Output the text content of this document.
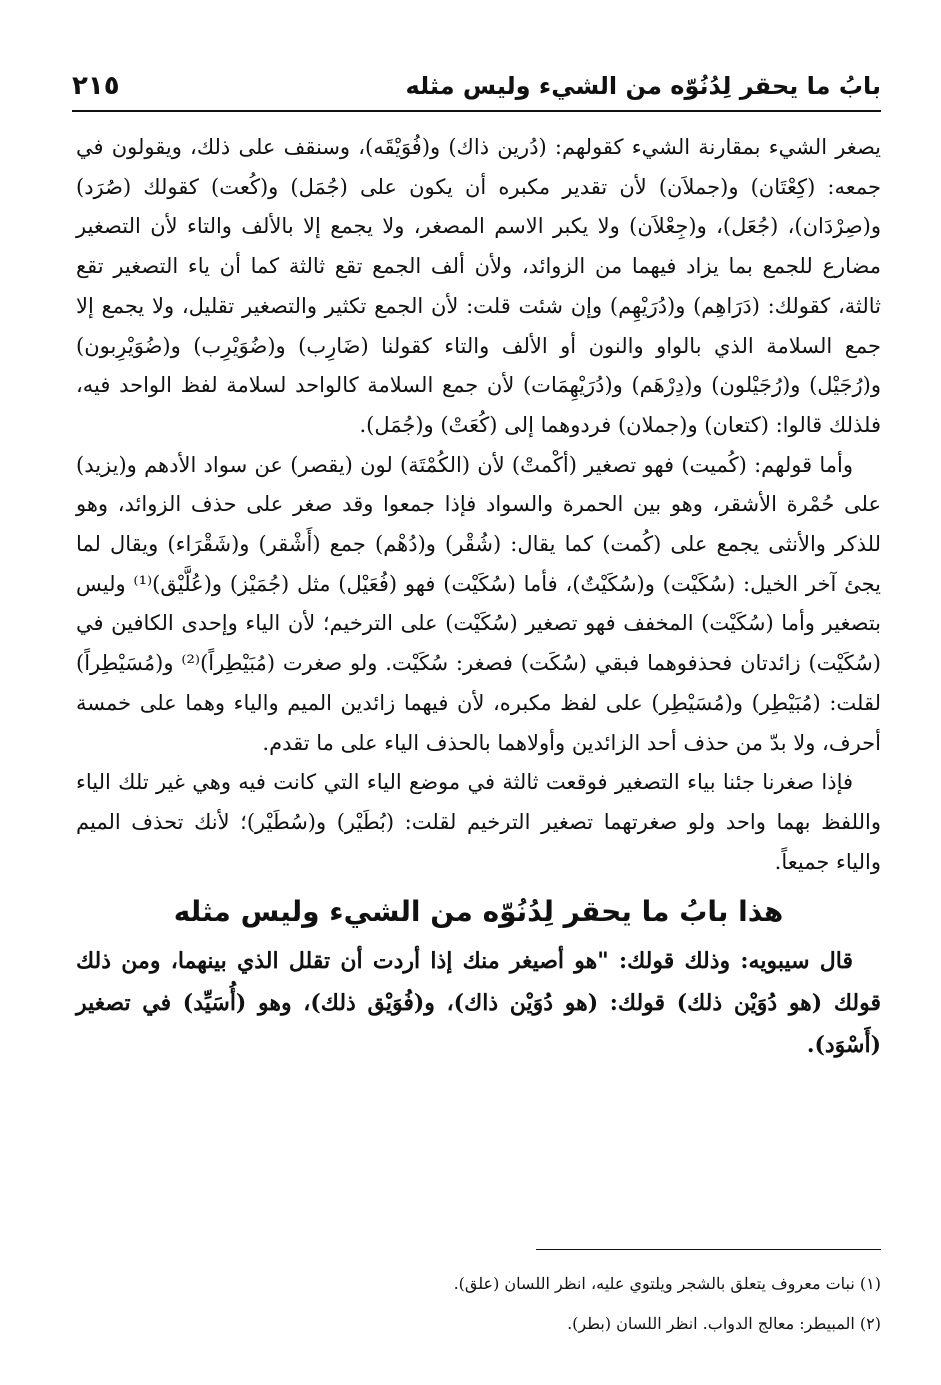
بابُ ما يحقر لِدُنُوّه من الشيء وليس مثله
٢١٥

يصغر الشيء بمقارنة الشيء كقولهم: (دُرين ذاك) و(فُوَيْقَه)، وسنقف على ذلك، ويقولون في جمعه: (كِعْتَان) و(جملاَن) لأن تقدير مكبره أن يكون على (جُمَل) و(كُعت) كقولك (صُرَد) و(صِرْدَان)، (جُعَل)، و(جِعْلاَن) ولا يكبر الاسم المصغر، ولا يجمع إلا بالألف والتاء لأن التصغير مضارع للجمع بما يزاد فيهما من الزوائد، ولأن ألف الجمع تقع ثالثة كما أن ياء التصغير تقع ثالثة، كقولك: (دَرَاهِم) و(دُرَيْهِم) وإن شئت قلت: لأن الجمع تكثير والتصغير تقليل، ولا يجمع إلا جمع السلامة الذي بالواو والنون أو الألف والتاء كقولنا (ضَارِب) و(ضُوَيْرِب) و(ضُوَيْرِبون) و(رُجَيْل) و(رُجَيْلون) و(دِرْهَم) و(دُرَيْهِمَات) لأن جمع السلامة كالواحد لسلامة لفظ الواحد فيه، فلذلك قالوا: (كتعان) و(جملان) فردوهما إلى (كُعَتْ) و(جُمَل).

وأما قولهم: (كُميت) فهو تصغير (أكْمتْ) لأن (الكُمْتَة) لون (يقصر) عن سواد الأدهم و(يزيد) على حُمْرة الأشقر، وهو بين الحمرة والسواد فإذا جمعوا وقد صغر على حذف الزوائد، وهو للذكر والأنثى يجمع على (كُمت) كما يقال: (شُقْر) و(دُهْم) جمع (أَشْقر) و(شَقْرَاء) ويقال لما يجئ آخر الخيل: (سُكَيْت) و(سُكَيْتٌ)، فأما (سُكَيْت) فهو (فُعَيْل) مثل (جُمَيْز) و(عُلَّيْق)⁽¹⁾ وليس بتصغير وأما (سُكَيْت) المخفف فهو تصغير (سُكَيْت) على الترخيم؛ لأن الياء وإحدى الكافين في (سُكَيْت) زائدتان فحذفوهما فبقي (سُكَت) فصغر: سُكَيْت. ولو صغرت (مُبَيْطِراً)⁽²⁾ و(مُسَيْطِراً) لقلت: (مُبَيْطِر) و(مُسَيْطِر) على لفظ مكبره، لأن فيهما زائدين الميم والياء وهما على خمسة أحرف، ولا بدّ من حذف أحد الزائدين وأولاهما بالحذف الياء على ما تقدم.

فإذا صغرنا جئنا بياء التصغير فوقعت ثالثة في موضع الياء التي كانت فيه وهي غير تلك الياء واللفظ بهما واحد ولو صغرتهما تصغير الترخيم لقلت: (بُطَيْر) و(سُطَيْر)؛ لأنك تحذف الميم والياء جميعاً.

هذا بابُ ما يحقر لِدُنُوّه من الشيء وليس مثله

قال سيبويه: وذلك قولك: "هو أصيغر منك إذا أردت أن تقلل الذي بينهما، ومن ذلك قولك (هو دُوَيْن ذلك) قولك: (هو دُوَيْن ذاك)، و(فُوَيْق ذلك)، وهو (أُسَيِّد) في تصغير (أَسْوَد).

(١) نبات معروف يتعلق بالشجر ويلتوي عليه، انظر اللسان (علق).

(٢) المبيطر: معالج الدواب. انظر اللسان (بطر).
